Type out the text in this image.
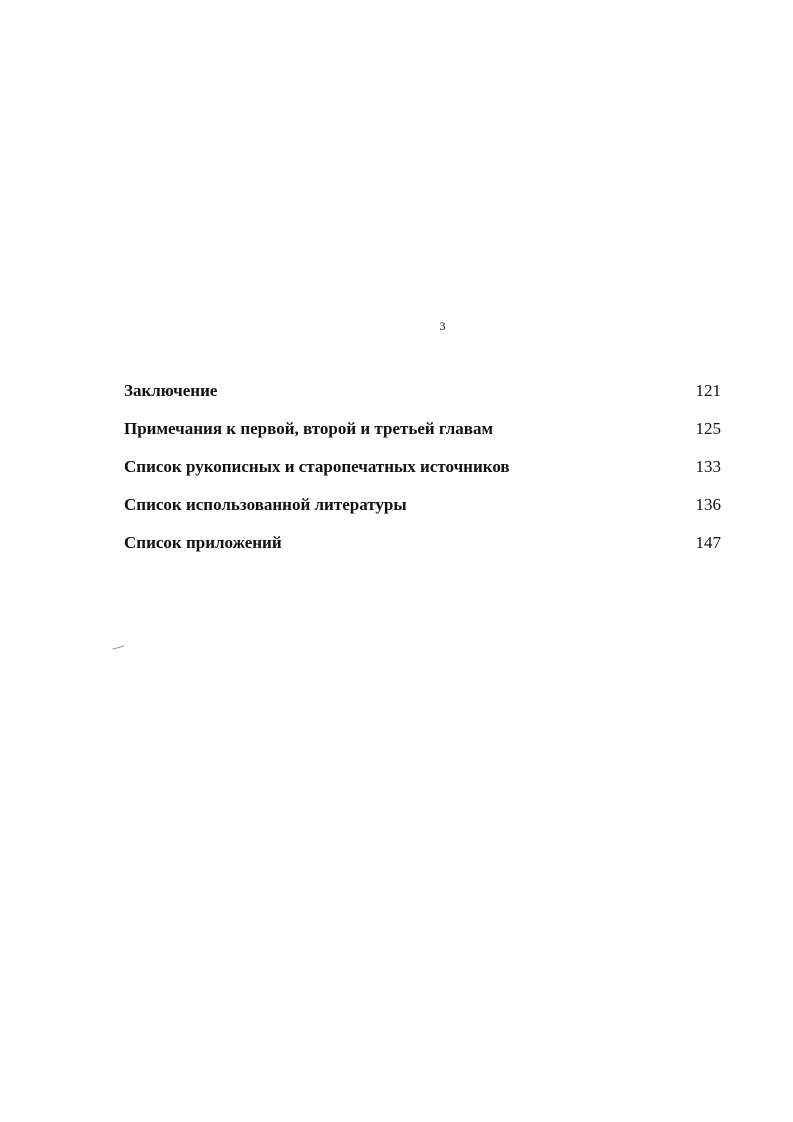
3
Заключение	121
Примечания к первой, второй и третьей главам	125
Список рукописных и старопечатных источников	133
Список использованной литературы	136
Список приложений	147
